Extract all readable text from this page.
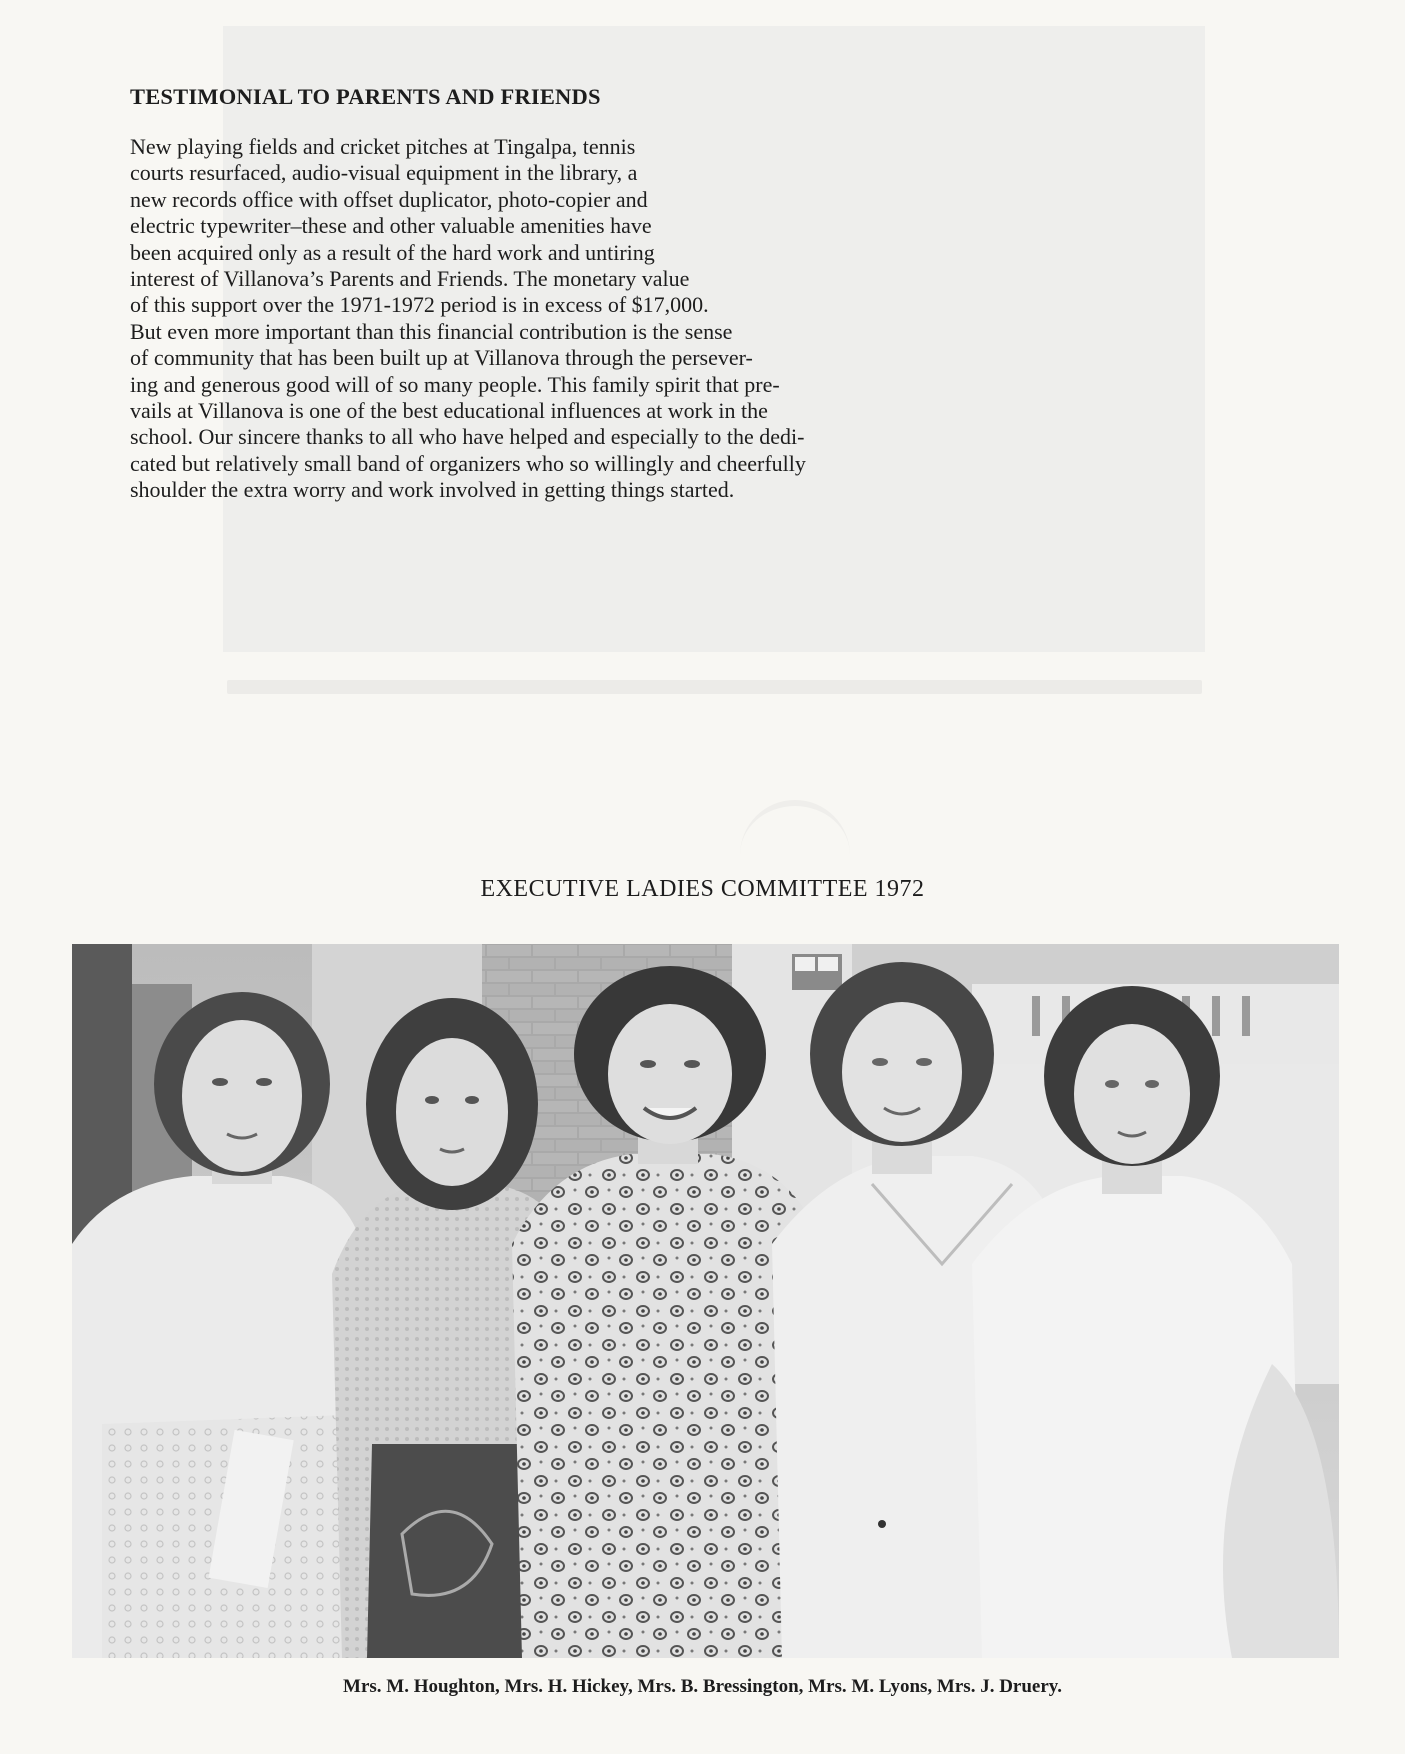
TESTIMONIAL TO PARENTS AND FRIENDS

New playing fields and cricket pitches at Tingalpa, tennis
courts resurfaced, audio-visual equipment in the library, a
new records office with offset duplicator, photo-copier and
electric typewriter–these and other valuable amenities have
been acquired only as a result of the hard work and untiring
interest of Villanova’s Parents and Friends. The monetary value
of this support over the 1971-1972 period is in excess of $17,000.
But even more important than this financial contribution is the sense
of community that has been built up at Villanova through the persever-
ing and generous good will of so many people. This family spirit that pre-
vails at Villanova is one of the best educational influences at work in the
school. Our sincere thanks to all who have helped and especially to the dedi-
cated but relatively small band of organizers who so willingly and cheerfully
shoulder the extra worry and work involved in getting things started.

EXECUTIVE LADIES COMMITTEE 1972

Mrs. M. Houghton, Mrs. H. Hickey, Mrs. B. Bressington, Mrs. M. Lyons, Mrs. J. Druery.
